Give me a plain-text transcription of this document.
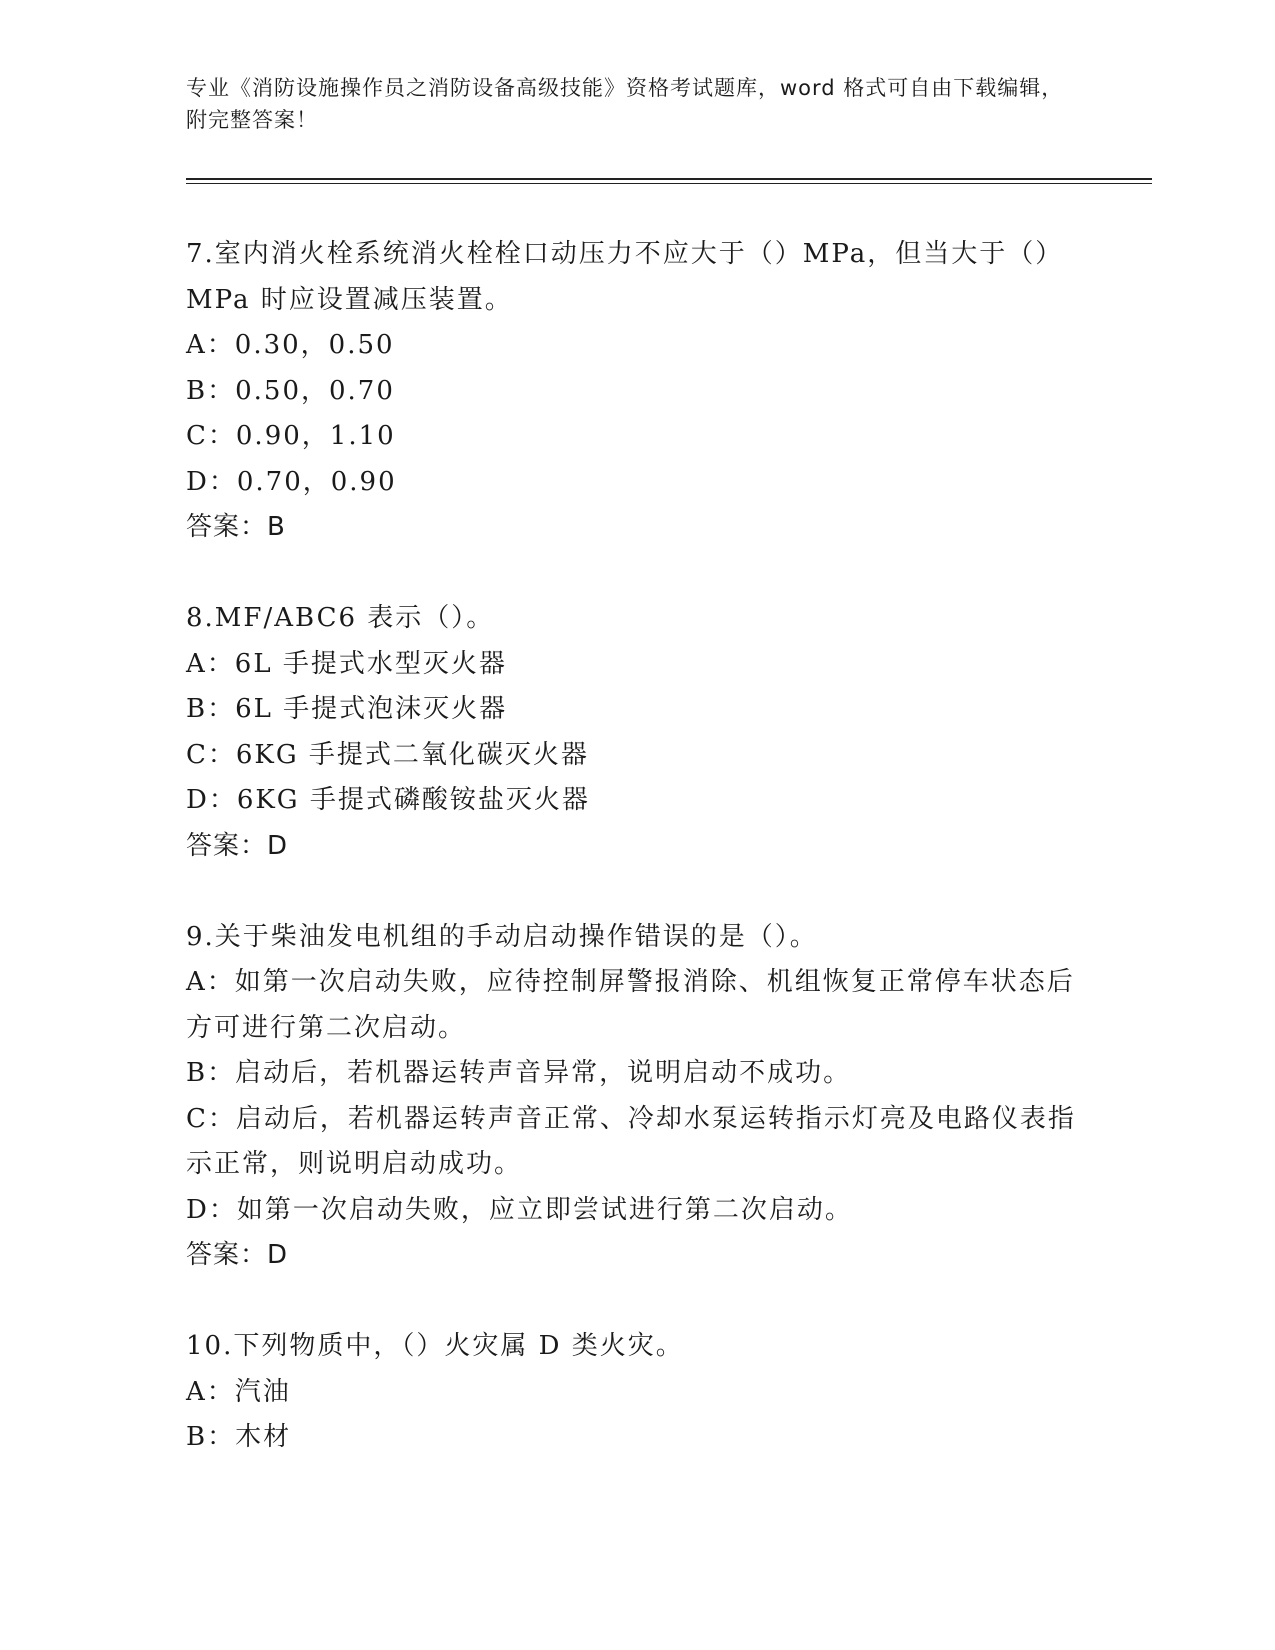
专业《消防设施操作员之消防设备高级技能》资格考试题库，word 格式可自由下载编辑，附完整答案！
7.室内消火栓系统消火栓栓口动压力不应大于（）MPa，但当大于（）MPa 时应设置减压装置。
A：0.30，0.50
B：0.50，0.70
C：0.90，1.10
D：0.70，0.90
答案：B
8.MF/ABC6 表示（）。
A：6L 手提式水型灭火器
B：6L 手提式泡沫灭火器
C：6KG 手提式二氧化碳灭火器
D：6KG 手提式磷酸铵盐灭火器
答案：D
9.关于柴油发电机组的手动启动操作错误的是（）。
A：如第一次启动失败，应待控制屏警报消除、机组恢复正常停车状态后方可进行第二次启动。
B：启动后，若机器运转声音异常，说明启动不成功。
C：启动后，若机器运转声音正常、冷却水泵运转指示灯亮及电路仪表指示正常，则说明启动成功。
D：如第一次启动失败，应立即尝试进行第二次启动。
答案：D
10.下列物质中，（）火灾属 D 类火灾。
A：汽油
B：木材
